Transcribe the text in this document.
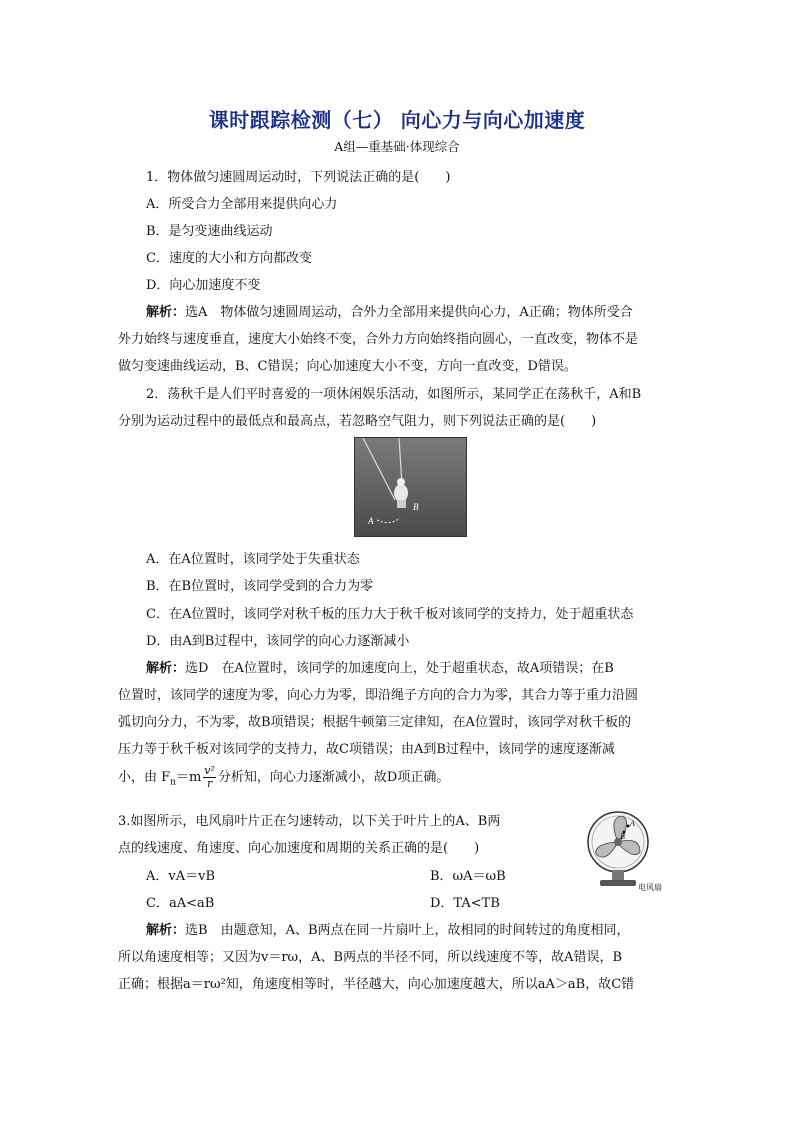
课时跟踪检测（七） 向心力与向心加速度
A组—重基础·体现综合
1．物体做匀速圆周运动时，下列说法正确的是(　　)
A．所受合力全部用来提供向心力
B．是匀变速曲线运动
C．速度的大小和方向都改变
D．向心加速度不变
解析：选A　物体做匀速圆周运动，合外力全部用来提供向心力，A正确；物体所受合
外力始终与速度垂直，速度大小始终不变，合外力方向始终指向圆心，一直改变，物体不是
做匀变速曲线运动，B、C错误；向心加速度大小不变，方向一直改变，D错误。
2．荡秋千是人们平时喜爱的一项休闲娱乐活动，如图所示，某同学正在荡秋千，A和B
分别为运动过程中的最低点和最高点，若忽略空气阻力，则下列说法正确的是(　　)
A
B
A．在A位置时，该同学处于失重状态
B．在B位置时，该同学受到的合力为零
C．在A位置时，该同学对秋千板的压力大于秋千板对该同学的支持力，处于超重状态
D．由A到B过程中，该同学的向心力逐渐减小
解析：选D　在A位置时，该同学的加速度向上，处于超重状态，故A项错误；在B
位置时，该同学的速度为零，向心力为零，即沿绳子方向的合力为零，其合力等于重力沿圆
弧切向分力，不为零，故B项错误；根据牛顿第三定律知，在A位置时，该同学对秋千板的
压力等于秋千板对该同学的支持力，故C项错误；由A到B过程中，该同学的速度逐渐减
小，由 $F_n=m \frac{\text{v²}}{r}$ 分析知，向心力逐渐减小，故D项正确。
3.如图所示，电风扇叶片正在匀速转动，以下关于叶片上的A、B两
点的线速度、角速度、向心加速度和周期的关系正确的是(　　)
A
B
电风扇
A．vA＝vB	B．ωA＝ωB
C．aA<aB	D．TA<TB
解析：选B　由题意知，A、B两点在同一片扇叶上，故相同的时间转过的角度相同，
所以角速度相等；又因为v＝rω，A、B两点的半径不同，所以线速度不等，故A错误，B
正确；根据a＝rω²知，角速度相等时，半径越大，向心加速度越大，所以aA＞aB，故C错
